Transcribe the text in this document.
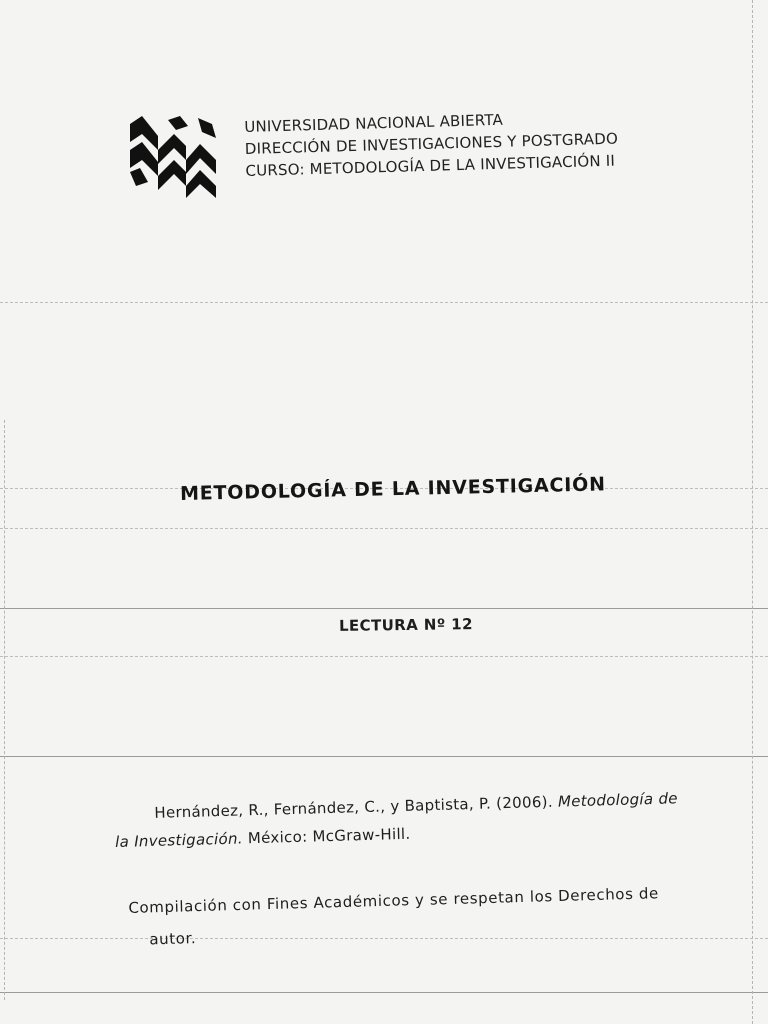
UNIVERSIDAD NACIONAL ABIERTA
DIRECCIÓN DE INVESTIGACIONES Y POSTGRADO
CURSO: METODOLOGÍA DE LA INVESTIGACIÓN II
METODOLOGÍA DE LA INVESTIGACIÓN
LECTURA Nº 12
Hernández, R., Fernández, C., y Baptista, P. (2006). Metodología de
la Investigación. México: McGraw-Hill.
Compilación con Fines Académicos y se respetan los Derechos de
autor.
